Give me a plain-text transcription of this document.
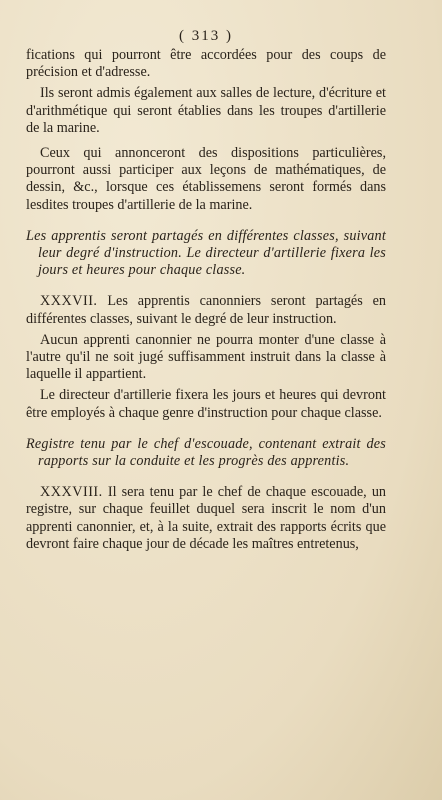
( 313 )

fications qui pourront être accordées pour des coups de précision et d'adresse.

Ils seront admis également aux salles de lecture, d'écriture et d'arithmétique qui seront établies dans les troupes d'artillerie de la marine.

Ceux qui annonceront des dispositions particulières, pourront aussi participer aux leçons de mathématiques, de dessin, &c., lorsque ces établissemens seront formés dans lesdites troupes d'artillerie de la marine.

Les apprentis seront partagés en différentes classes, suivant leur degré d'instruction. Le directeur d'artillerie fixera les jours et heures pour chaque classe.

XXXVII. Les apprentis canonniers seront partagés en différentes classes, suivant le degré de leur instruction.

Aucun apprenti canonnier ne pourra monter d'une classe à l'autre qu'il ne soit jugé suffisamment instruit dans la classe à laquelle il appartient.

Le directeur d'artillerie fixera les jours et heures qui devront être employés à chaque genre d'instruction pour chaque classe.

Registre tenu par le chef d'escouade, contenant extrait des rapports sur la conduite et les progrès des apprentis.

XXXVIII. Il sera tenu par le chef de chaque escouade, un registre, sur chaque feuillet duquel sera inscrit le nom d'un apprenti canonnier, et, à la suite, extrait des rapports écrits que devront faire chaque jour de décade les maîtres entretenus,
